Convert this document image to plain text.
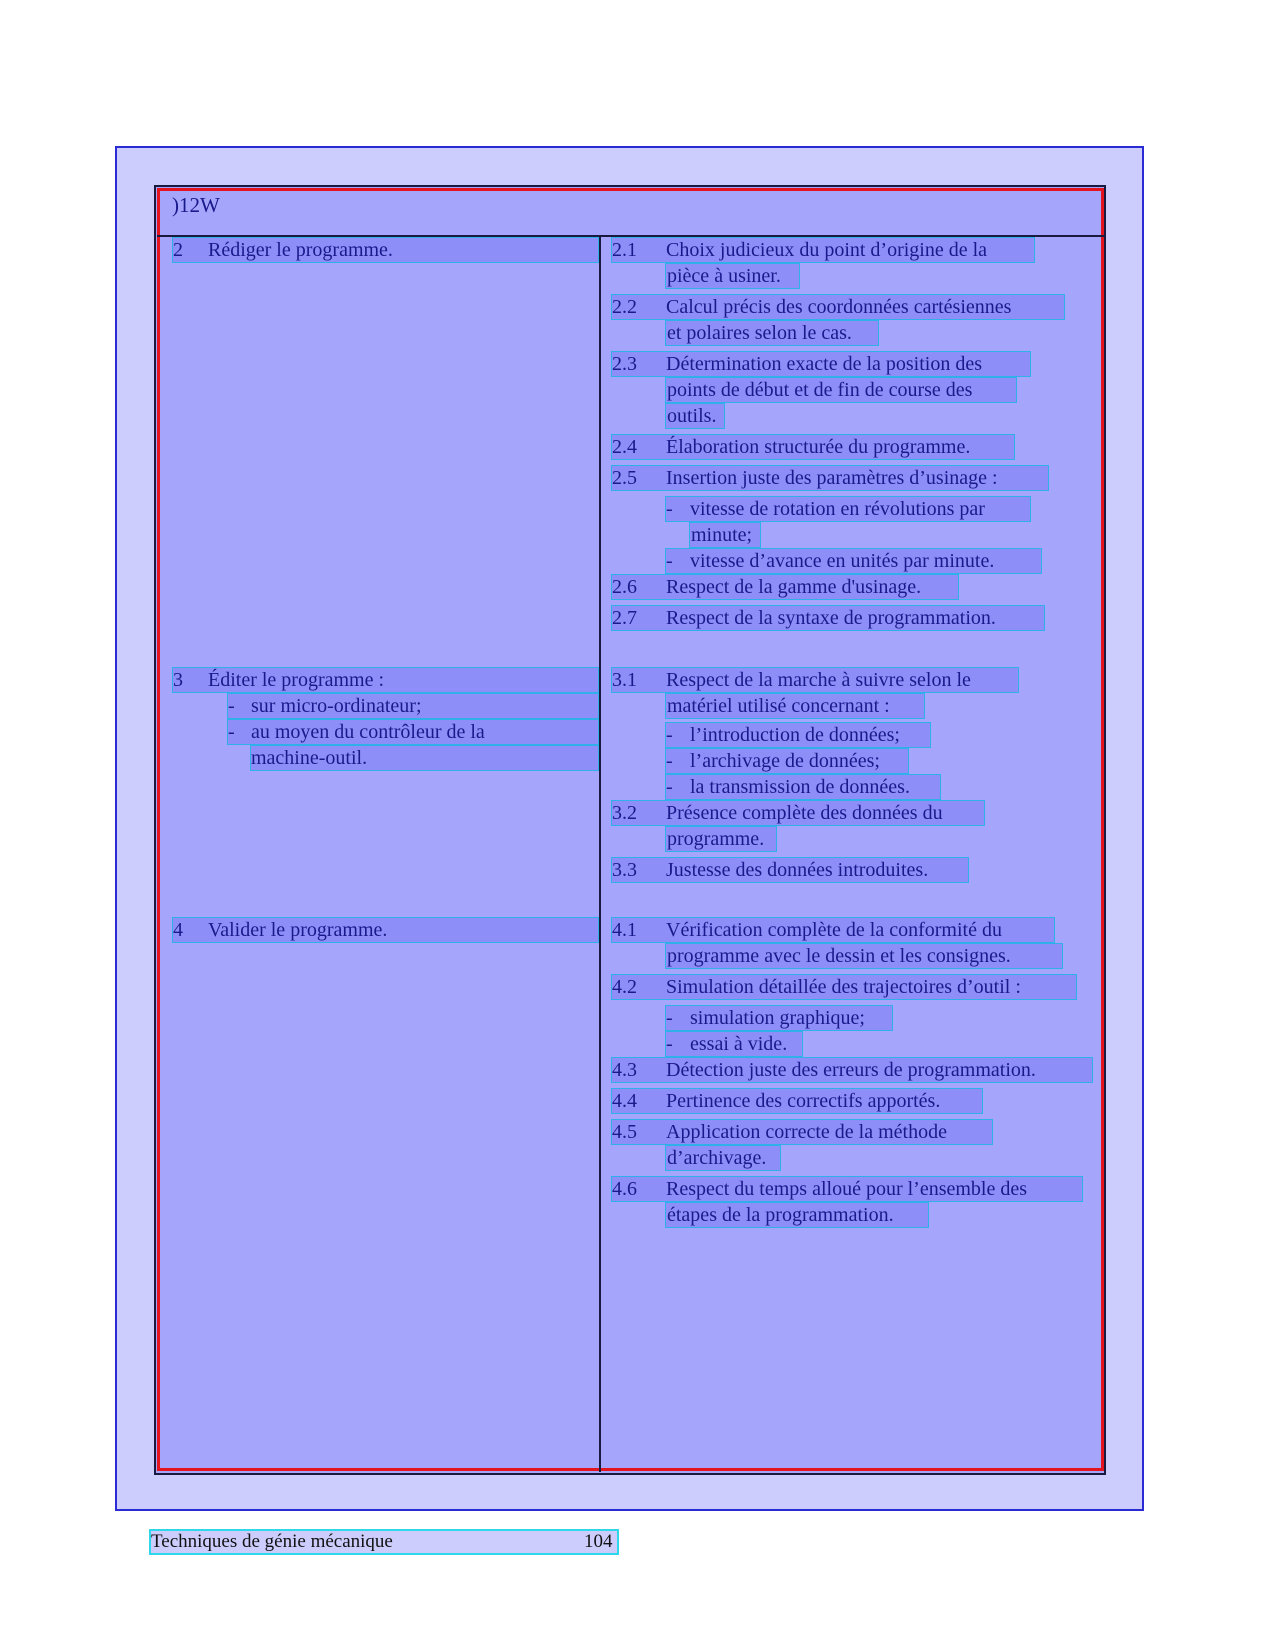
)12W
2 Rédiger le programme.
3 Éditer le programme :
- sur micro-ordinateur;
- au moyen du contrôleur de la
machine-outil.
4 Valider le programme.
2.1 Choix judicieux du point d’origine de la
pièce à usiner.
2.2 Calcul précis des coordonnées cartésiennes
et polaires selon le cas.
2.3 Détermination exacte de la position des
points de début et de fin de course des
outils.
2.4 Élaboration structurée du programme.
2.5 Insertion juste des paramètres d’usinage :
- vitesse de rotation en révolutions par
minute;
- vitesse d’avance en unités par minute.
2.6 Respect de la gamme d'usinage.
2.7 Respect de la syntaxe de programmation.
3.1 Respect de la marche à suivre selon le
matériel utilisé concernant :
- l’introduction de données;
- l’archivage de données;
- la transmission de données.
3.2 Présence complète des données du
programme.
3.3 Justesse des données introduites.
4.1 Vérification complète de la conformité du
programme avec le dessin et les consignes.
4.2 Simulation détaillée des trajectoires d’outil :
- simulation graphique;
- essai à vide.
4.3 Détection juste des erreurs de programmation.
4.4 Pertinence des correctifs apportés.
4.5 Application correcte de la méthode
d’archivage.
4.6 Respect du temps alloué pour l’ensemble des
étapes de la programmation.
Techniques de génie mécanique	104
